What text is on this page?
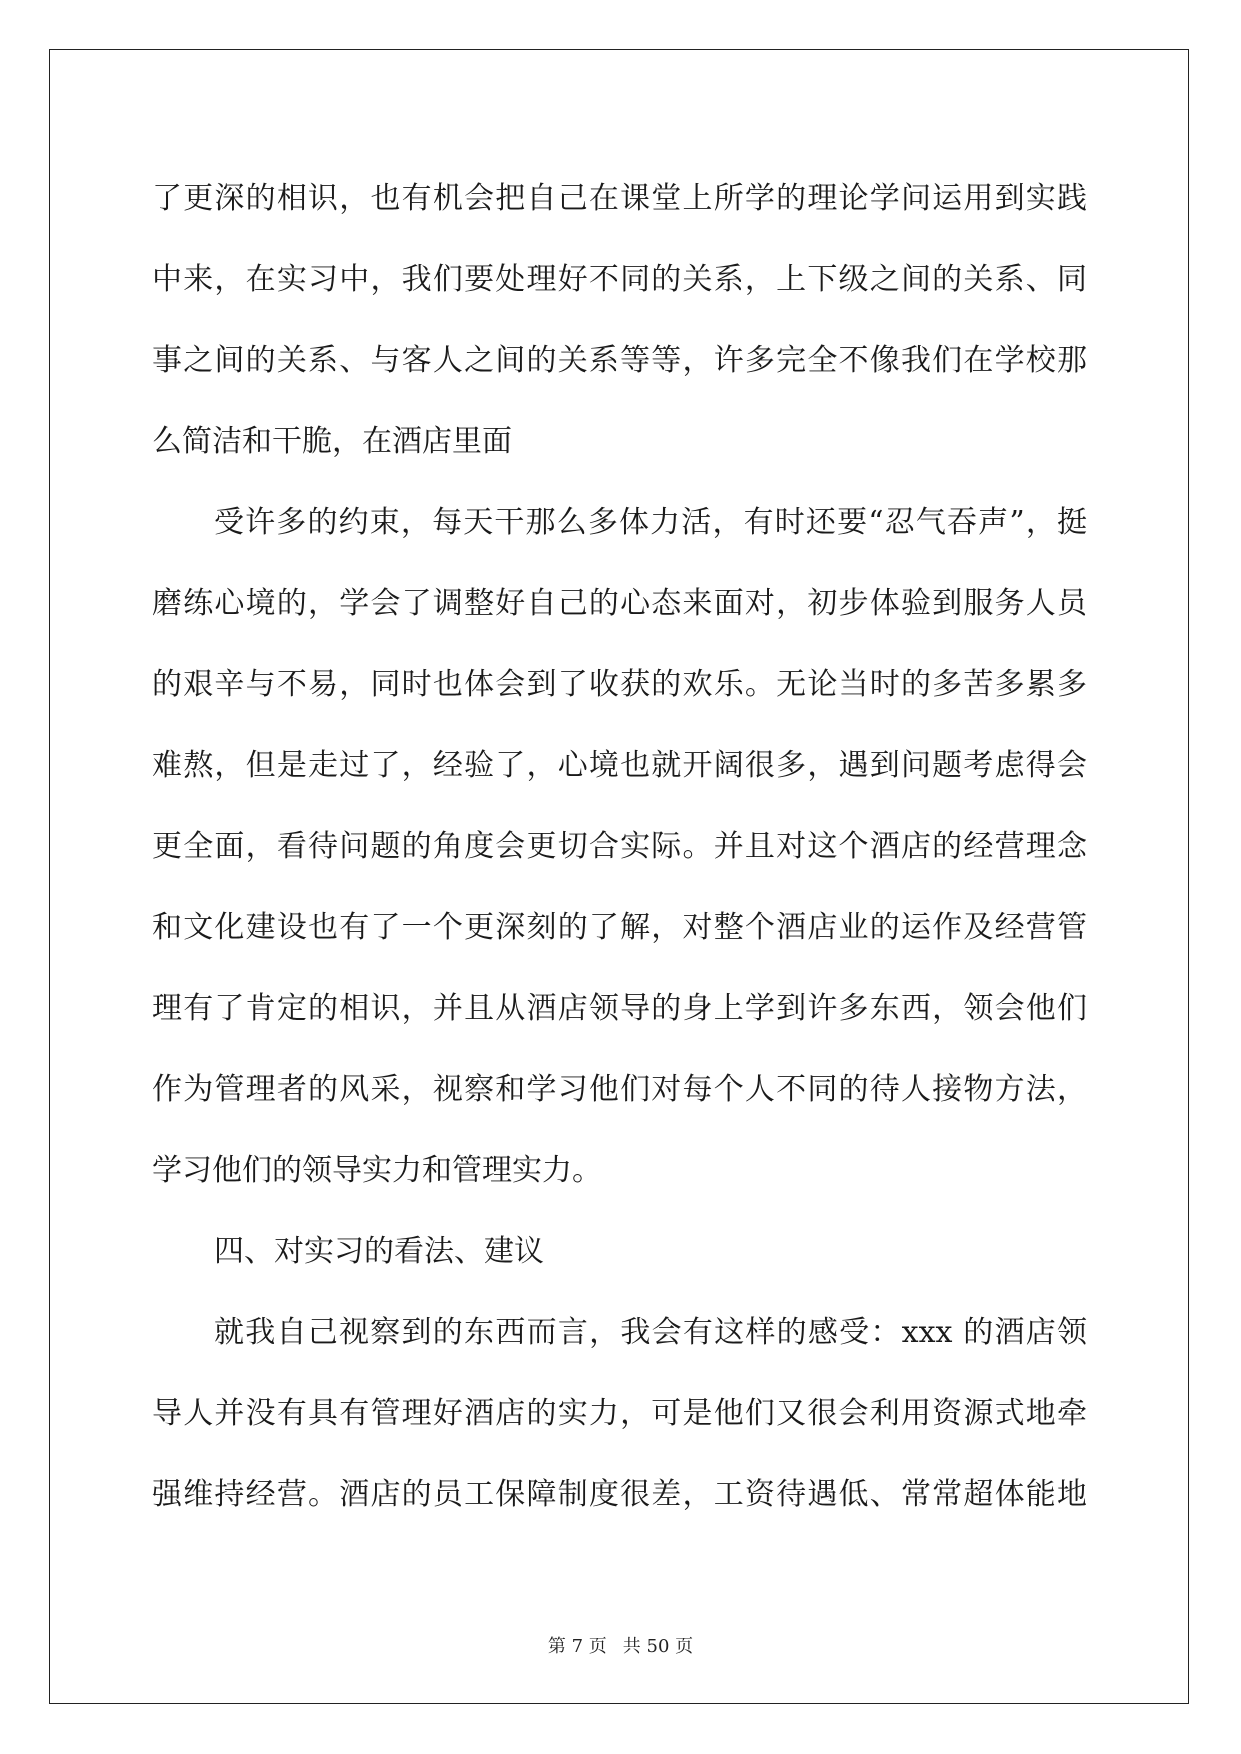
了更深的相识，也有机会把自己在课堂上所学的理论学问运用到实践
中来，在实习中，我们要处理好不同的关系，上下级之间的关系、同
事之间的关系、与客人之间的关系等等，许多完全不像我们在学校那
么简洁和干脆，在酒店里面
受许多的约束，每天干那么多体力活，有时还要“忍气吞声”，挺
磨练心境的，学会了调整好自己的心态来面对，初步体验到服务人员
的艰辛与不易，同时也体会到了收获的欢乐。无论当时的多苦多累多
难熬，但是走过了，经验了，心境也就开阔很多，遇到问题考虑得会
更全面，看待问题的角度会更切合实际。并且对这个酒店的经营理念
和文化建设也有了一个更深刻的了解，对整个酒店业的运作及经营管
理有了肯定的相识，并且从酒店领导的身上学到许多东西，领会他们
作为管理者的风采，视察和学习他们对每个人不同的待人接物方法，
学习他们的领导实力和管理实力。
四、对实习的看法、建议
就我自己视察到的东西而言，我会有这样的感受：xxx 的酒店领
导人并没有具有管理好酒店的实力，可是他们又很会利用资源式地牵
强维持经营。酒店的员工保障制度很差，工资待遇低、常常超体能地
第 7 页 共 50 页
